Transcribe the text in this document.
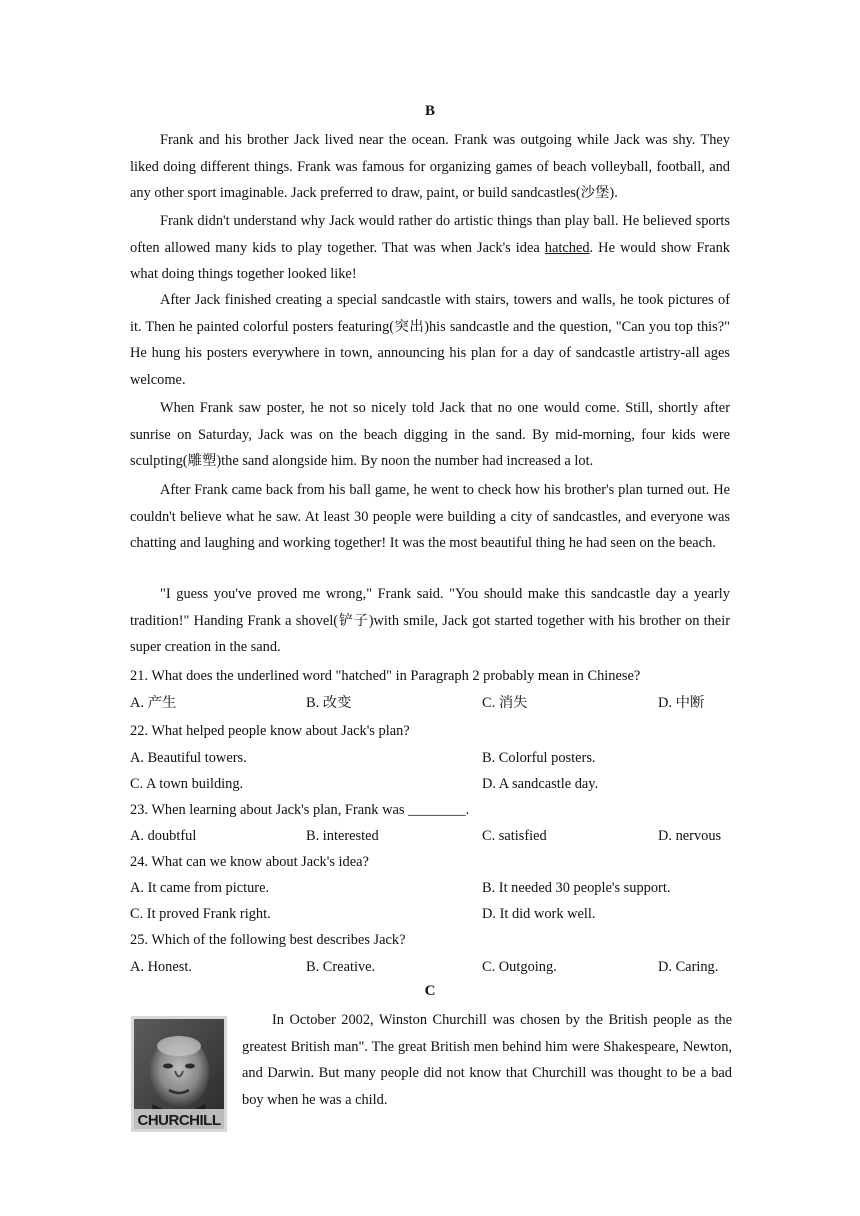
B

Frank and his brother Jack lived near the ocean. Frank was outgoing while Jack was shy. They liked doing different things. Frank was famous for organizing games of beach volleyball, football, and any other sport imaginable. Jack preferred to draw, paint, or build sandcastles(沙堡).

Frank didn't understand why Jack would rather do artistic things than play ball. He believed sports often allowed many kids to play together. That was when Jack's idea hatched. He would show Frank what doing things together looked like!

After Jack finished creating a special sandcastle with stairs, towers and walls, he took pictures of it. Then he painted colorful posters featuring(突出)his sandcastle and the question, "Can you top this?" He hung his posters everywhere in town, announcing his plan for a day of sandcastle artistry-all ages welcome.

When Frank saw poster, he not so nicely told Jack that no one would come. Still, shortly after sunrise on Saturday, Jack was on the beach digging in the sand. By mid-morning, four kids were sculpting(雕塑)the sand alongside him. By noon the number had increased a lot.

After Frank came back from his ball game, he went to check how his brother's plan turned out. He couldn't believe what he saw. At least 30 people were building a city of sandcastles, and everyone was chatting and laughing and working together! It was the most beautiful thing he had seen on the beach.

"I guess you've proved me wrong," Frank said. "You should make this sandcastle day a yearly tradition!" Handing Frank a shovel(铲子)with smile, Jack got started together with his brother on their super creation in the sand.

21. What does the underlined word "hatched" in Paragraph 2 probably mean in Chinese?

A. 产生	B. 改变	C. 消失	D. 中断

22. What helped people know about Jack's plan?

A. Beautiful towers.	B. Colorful posters.
C. A town building.	D. A sandcastle day.

23. When learning about Jack's plan, Frank was ________.

A. doubtful	B. interested	C. satisfied	D. nervous

24. What can we know about Jack's idea?

A. It came from picture.	B. It needed 30 people's support.
C. It proved Frank right.	D. It did work well.

25. Which of the following best describes Jack?

A. Honest.	B. Creative.	C. Outgoing.	D. Caring.
C
CHURCHILL

In October 2002, Winston Churchill was chosen by the British people as the greatest British man". The great British men behind him were Shakespeare, Newton, and Darwin. But many people did not know that Churchill was thought to be a bad boy when he was a child.
